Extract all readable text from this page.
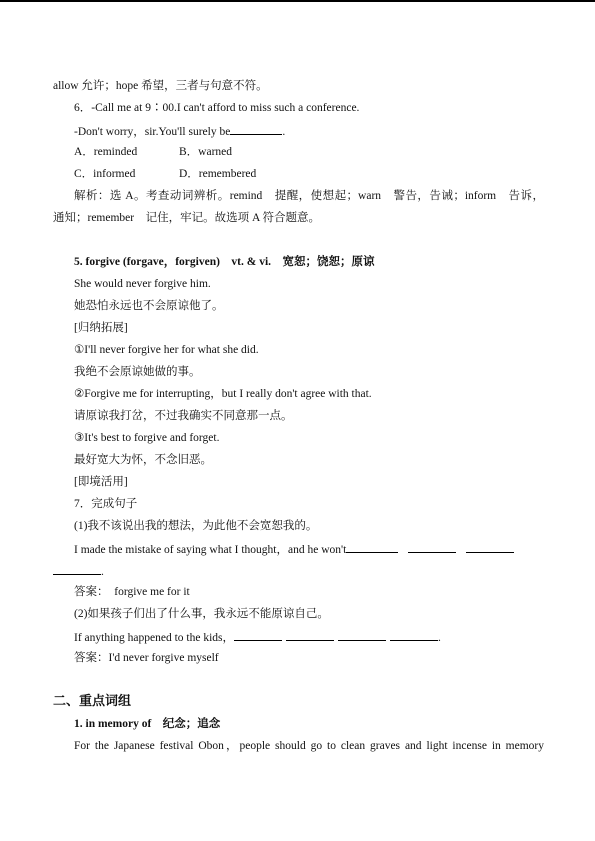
allow 允许；hope 希望，三者与句意不符。
6．-Call me at 9∶00.I can't afford to miss such a conference.
-Don't worry，sir.You'll surely be	.
A．reminded	B．warned
C．informed	D．remembered
解析：选 A。考查动词辨析。remind　提醒，使想起；warn　警告，告诫；inform　告诉，
通知；remember　记住，牢记。故选项 A 符合题意。
5. forgive (forgave，forgiven)　vt. & vi.　宽恕；饶恕；原谅
She would never forgive him.
她恐怕永远也不会原谅他了。
[归纳拓展]
①I'll never forgive her for what she did.
我绝不会原谅她做的事。
②Forgive me for interrupting，but I really don't agree with that.
请原谅我打岔，不过我确实不同意那一点。
③It's best to forgive and forget.
最好宽大为怀，不念旧恶。
[即境活用]
7．完成句子
(1)我不该说出我的想法，为此他不会宽恕我的。
I made the mistake of saying what I thought，and he won't
.
答案：　forgive me for it
(2)如果孩子们出了什么事，我永远不能原谅自己。
If anything happened to the kids，	.
答案：I'd never forgive myself
二、重点词组
1. in memory of　纪念；追念
For the Japanese festival Obon，people should go to clean graves and light incense in memory
